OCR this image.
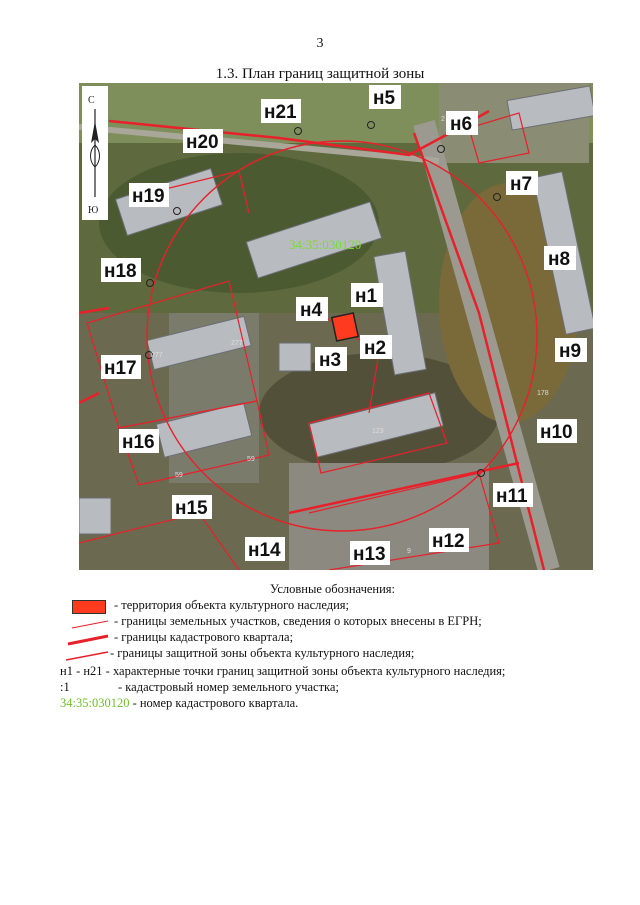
3
1.3. План границ защитной зоны
С
Ю
34:35:030120
277
277
59
59
123
178
2
9
н1
н2
н3
н4
н5
н6
н7
н8
н9
н10
н11
н12
н13
н14
н15
н16
н17
н18
н19
н20
н21
Условные обозначения:
- территория объекта культурного наследия;
- границы земельных участков, сведения о которых внесены в ЕГРН;
- границы кадастрового квартала;
- границы защитной зоны объекта культурного наследия;
н1 - н21 - характерные точки границ защитной зоны объекта культурного наследия;
:1	- кадастровый номер земельного участка;
34:35:030120 - номер кадастрового квартала.
